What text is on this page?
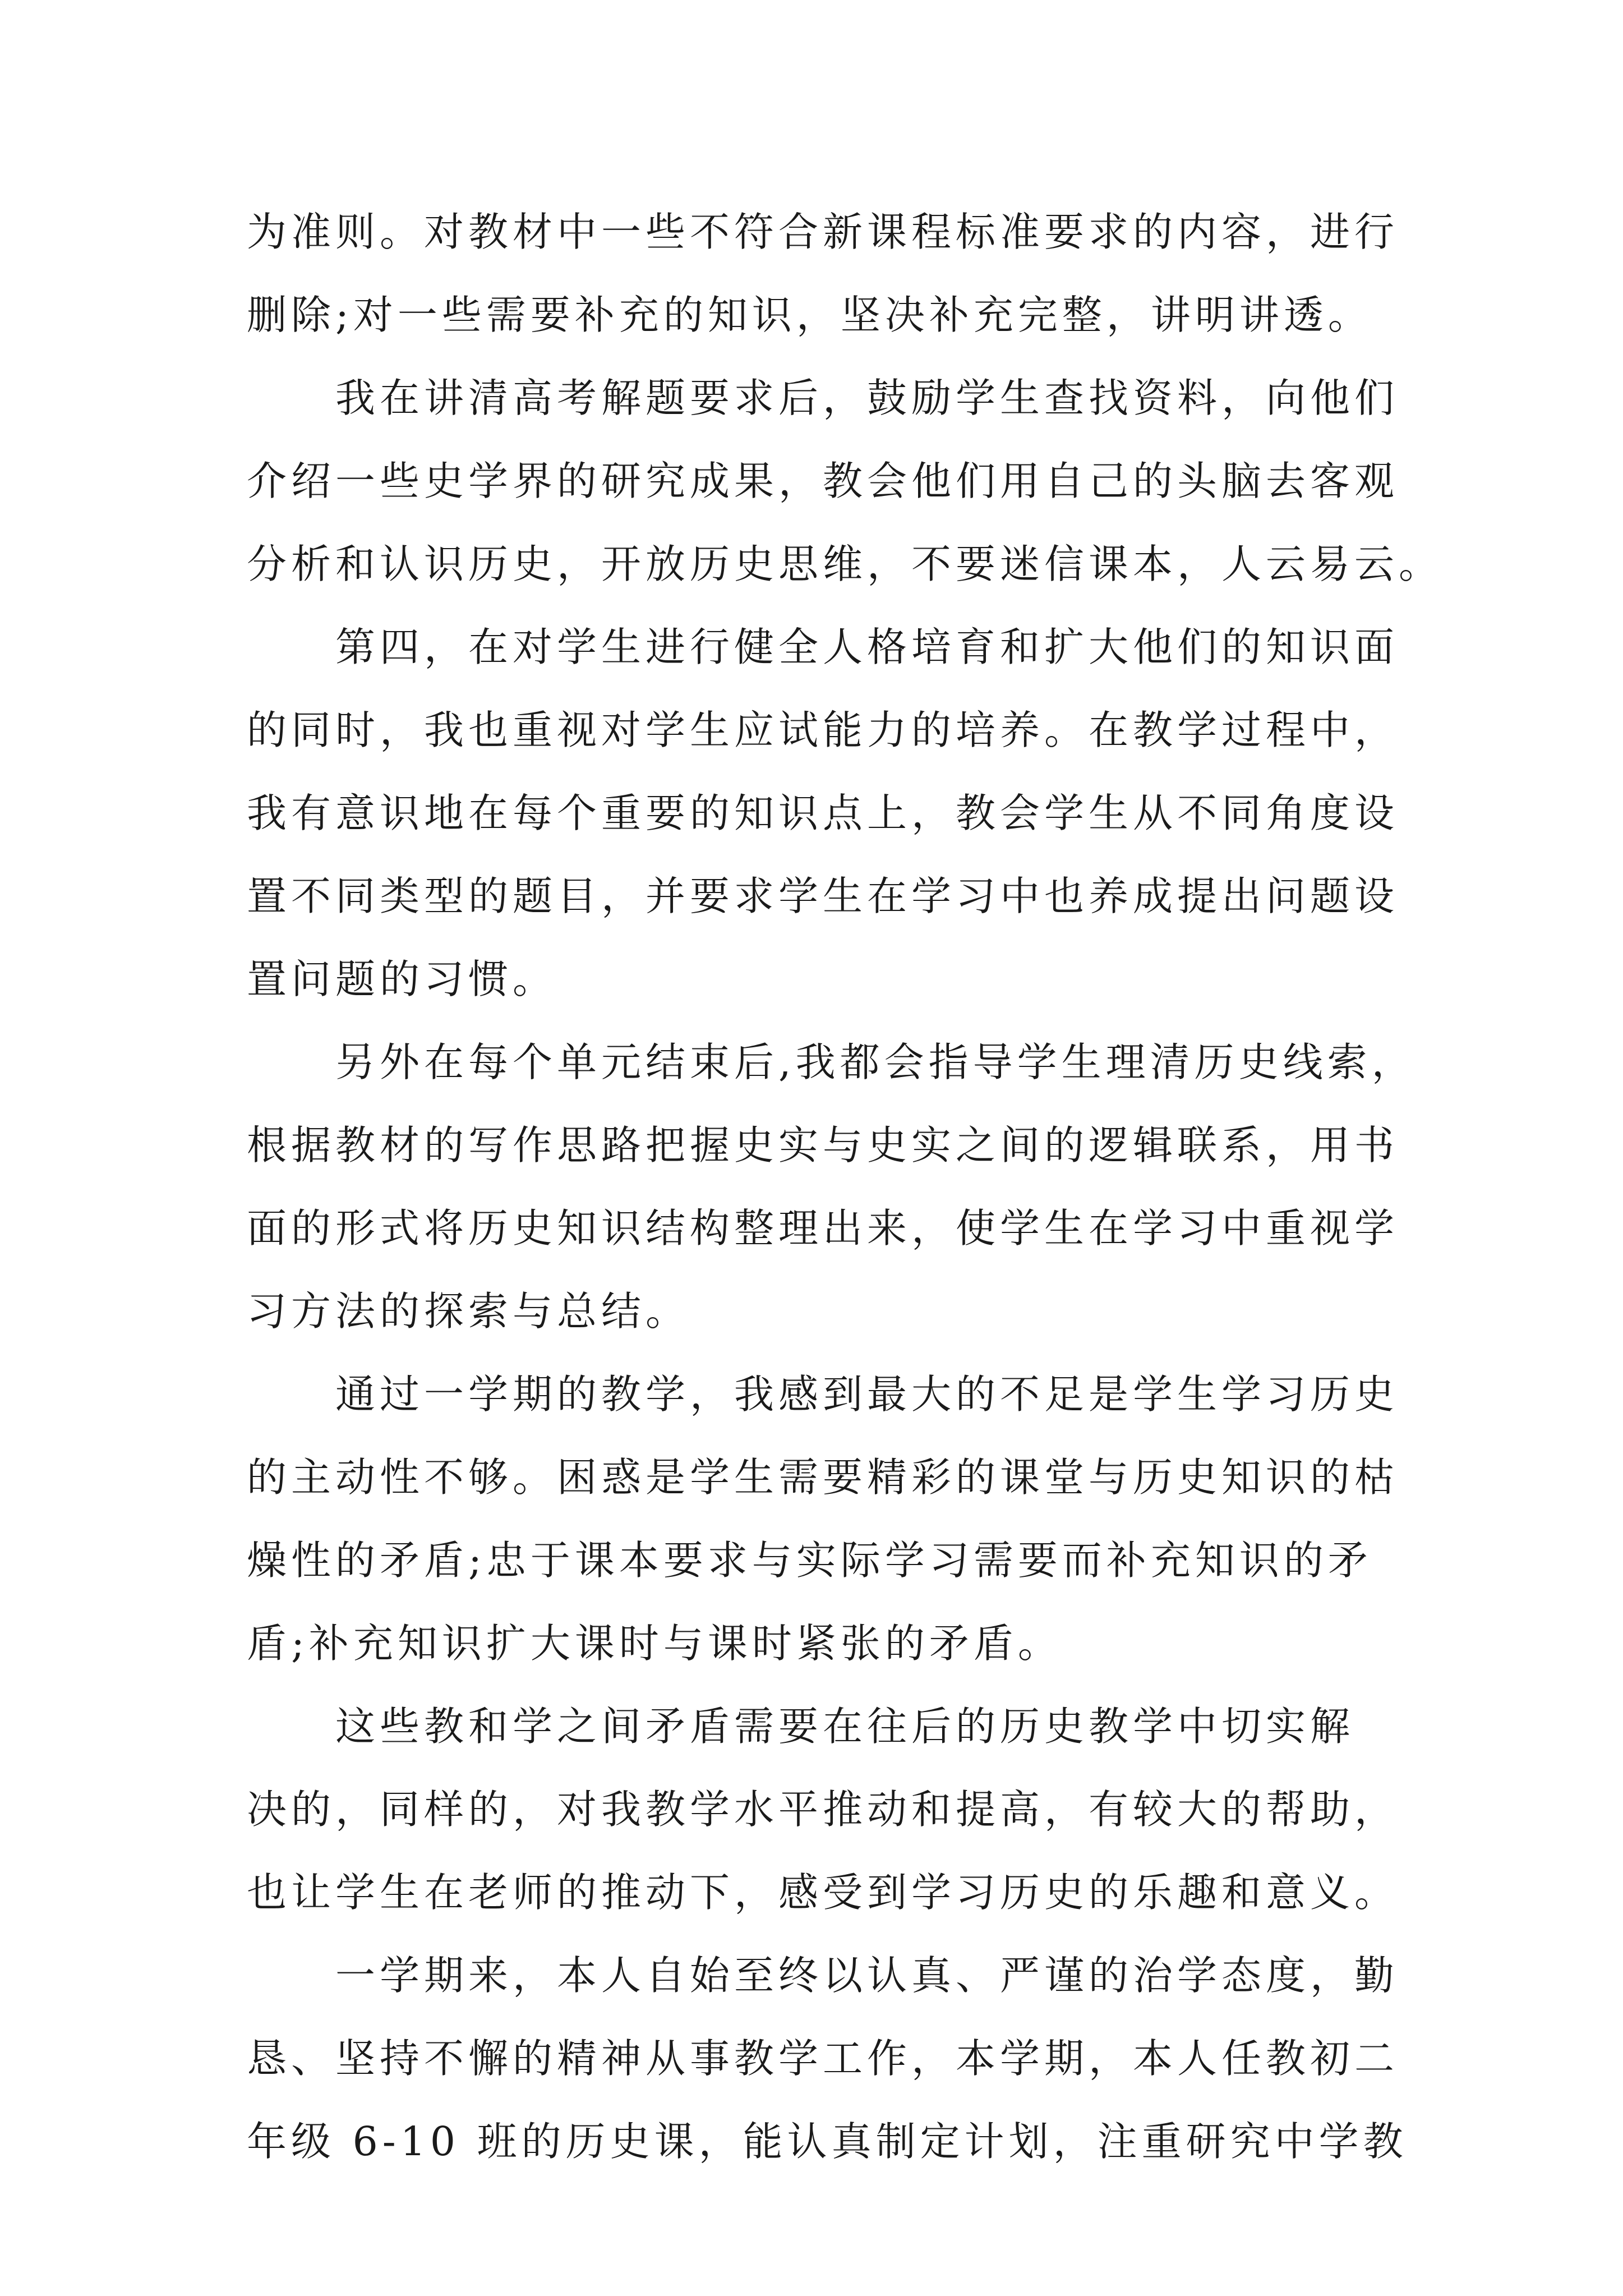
为准则。对教材中一些不符合新课程标准要求的内容，进行
删除;对一些需要补充的知识，坚决补充完整，讲明讲透。
我在讲清高考解题要求后，鼓励学生查找资料，向他们
介绍一些史学界的研究成果，教会他们用自己的头脑去客观
分析和认识历史，开放历史思维，不要迷信课本，人云易云。
第四，在对学生进行健全人格培育和扩大他们的知识面
的同时，我也重视对学生应试能力的培养。在教学过程中，
我有意识地在每个重要的知识点上，教会学生从不同角度设
置不同类型的题目，并要求学生在学习中也养成提出问题设
置问题的习惯。
另外在每个单元结束后,我都会指导学生理清历史线索，
根据教材的写作思路把握史实与史实之间的逻辑联系，用书
面的形式将历史知识结构整理出来，使学生在学习中重视学
习方法的探索与总结。
通过一学期的教学，我感到最大的不足是学生学习历史
的主动性不够。困惑是学生需要精彩的课堂与历史知识的枯
燥性的矛盾;忠于课本要求与实际学习需要而补充知识的矛
盾;补充知识扩大课时与课时紧张的矛盾。
这些教和学之间矛盾需要在往后的历史教学中切实解
决的，同样的，对我教学水平推动和提高，有较大的帮助，
也让学生在老师的推动下，感受到学习历史的乐趣和意义。
一学期来，本人自始至终以认真、严谨的治学态度，勤
恳、坚持不懈的精神从事教学工作，本学期，本人任教初二
年级 6-10 班的历史课，能认真制定计划，注重研究中学教
